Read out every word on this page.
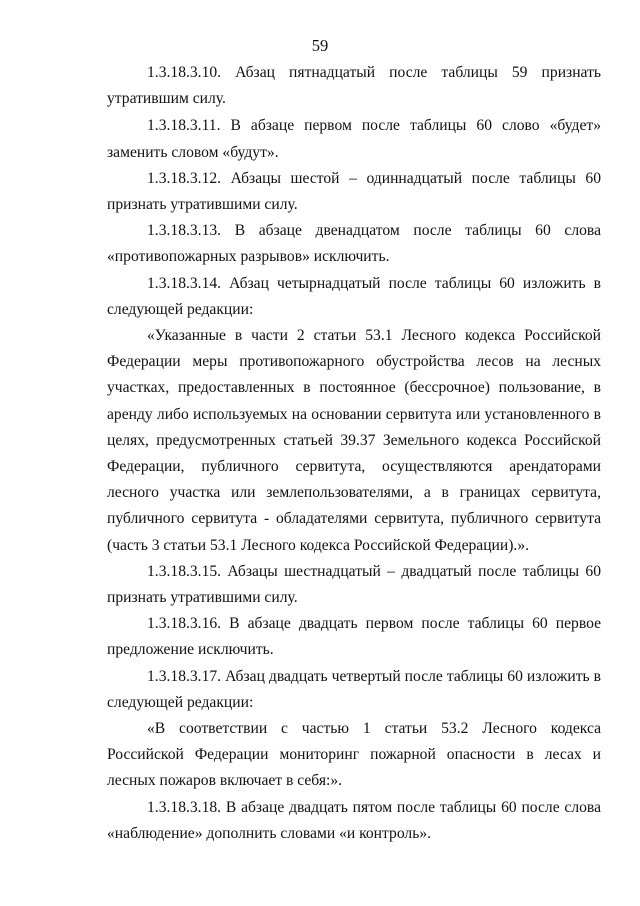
59

1.3.18.3.10. Абзац пятнадцатый после таблицы 59 признать утратившим силу.

1.3.18.3.11. В абзаце первом после таблицы 60 слово «будет» заменить словом «будут».

1.3.18.3.12. Абзацы шестой – одиннадцатый после таблицы 60 признать утратившими силу.

1.3.18.3.13. В абзаце двенадцатом после таблицы 60 слова «противопожарных разрывов» исключить.

1.3.18.3.14. Абзац четырнадцатый после таблицы 60 изложить в следующей редакции:

«Указанные в части 2 статьи 53.1 Лесного кодекса Российской Федерации меры противопожарного обустройства лесов на лесных участках, предоставленных в постоянное (бессрочное) пользование, в аренду либо используемых на основании сервитута или установленного в целях, предусмотренных статьей 39.37 Земельного кодекса Российской Федерации, публичного сервитута, осуществляются арендаторами лесного участка или землепользователями, а в границах сервитута, публичного сервитута - обладателями сервитута, публичного сервитута (часть 3 статьи 53.1 Лесного кодекса Российской Федерации).».

1.3.18.3.15. Абзацы шестнадцатый – двадцатый после таблицы 60 признать утратившими силу.

1.3.18.3.16. В абзаце двадцать первом после таблицы 60 первое предложение исключить.

1.3.18.3.17. Абзац двадцать четвертый после таблицы 60 изложить в следующей редакции:

«В соответствии с частью 1 статьи 53.2 Лесного кодекса Российской Федерации мониторинг пожарной опасности в лесах и лесных пожаров включает в себя:».

1.3.18.3.18. В абзаце двадцать пятом после таблицы 60 после слова «наблюдение» дополнить словами «и контроль».
